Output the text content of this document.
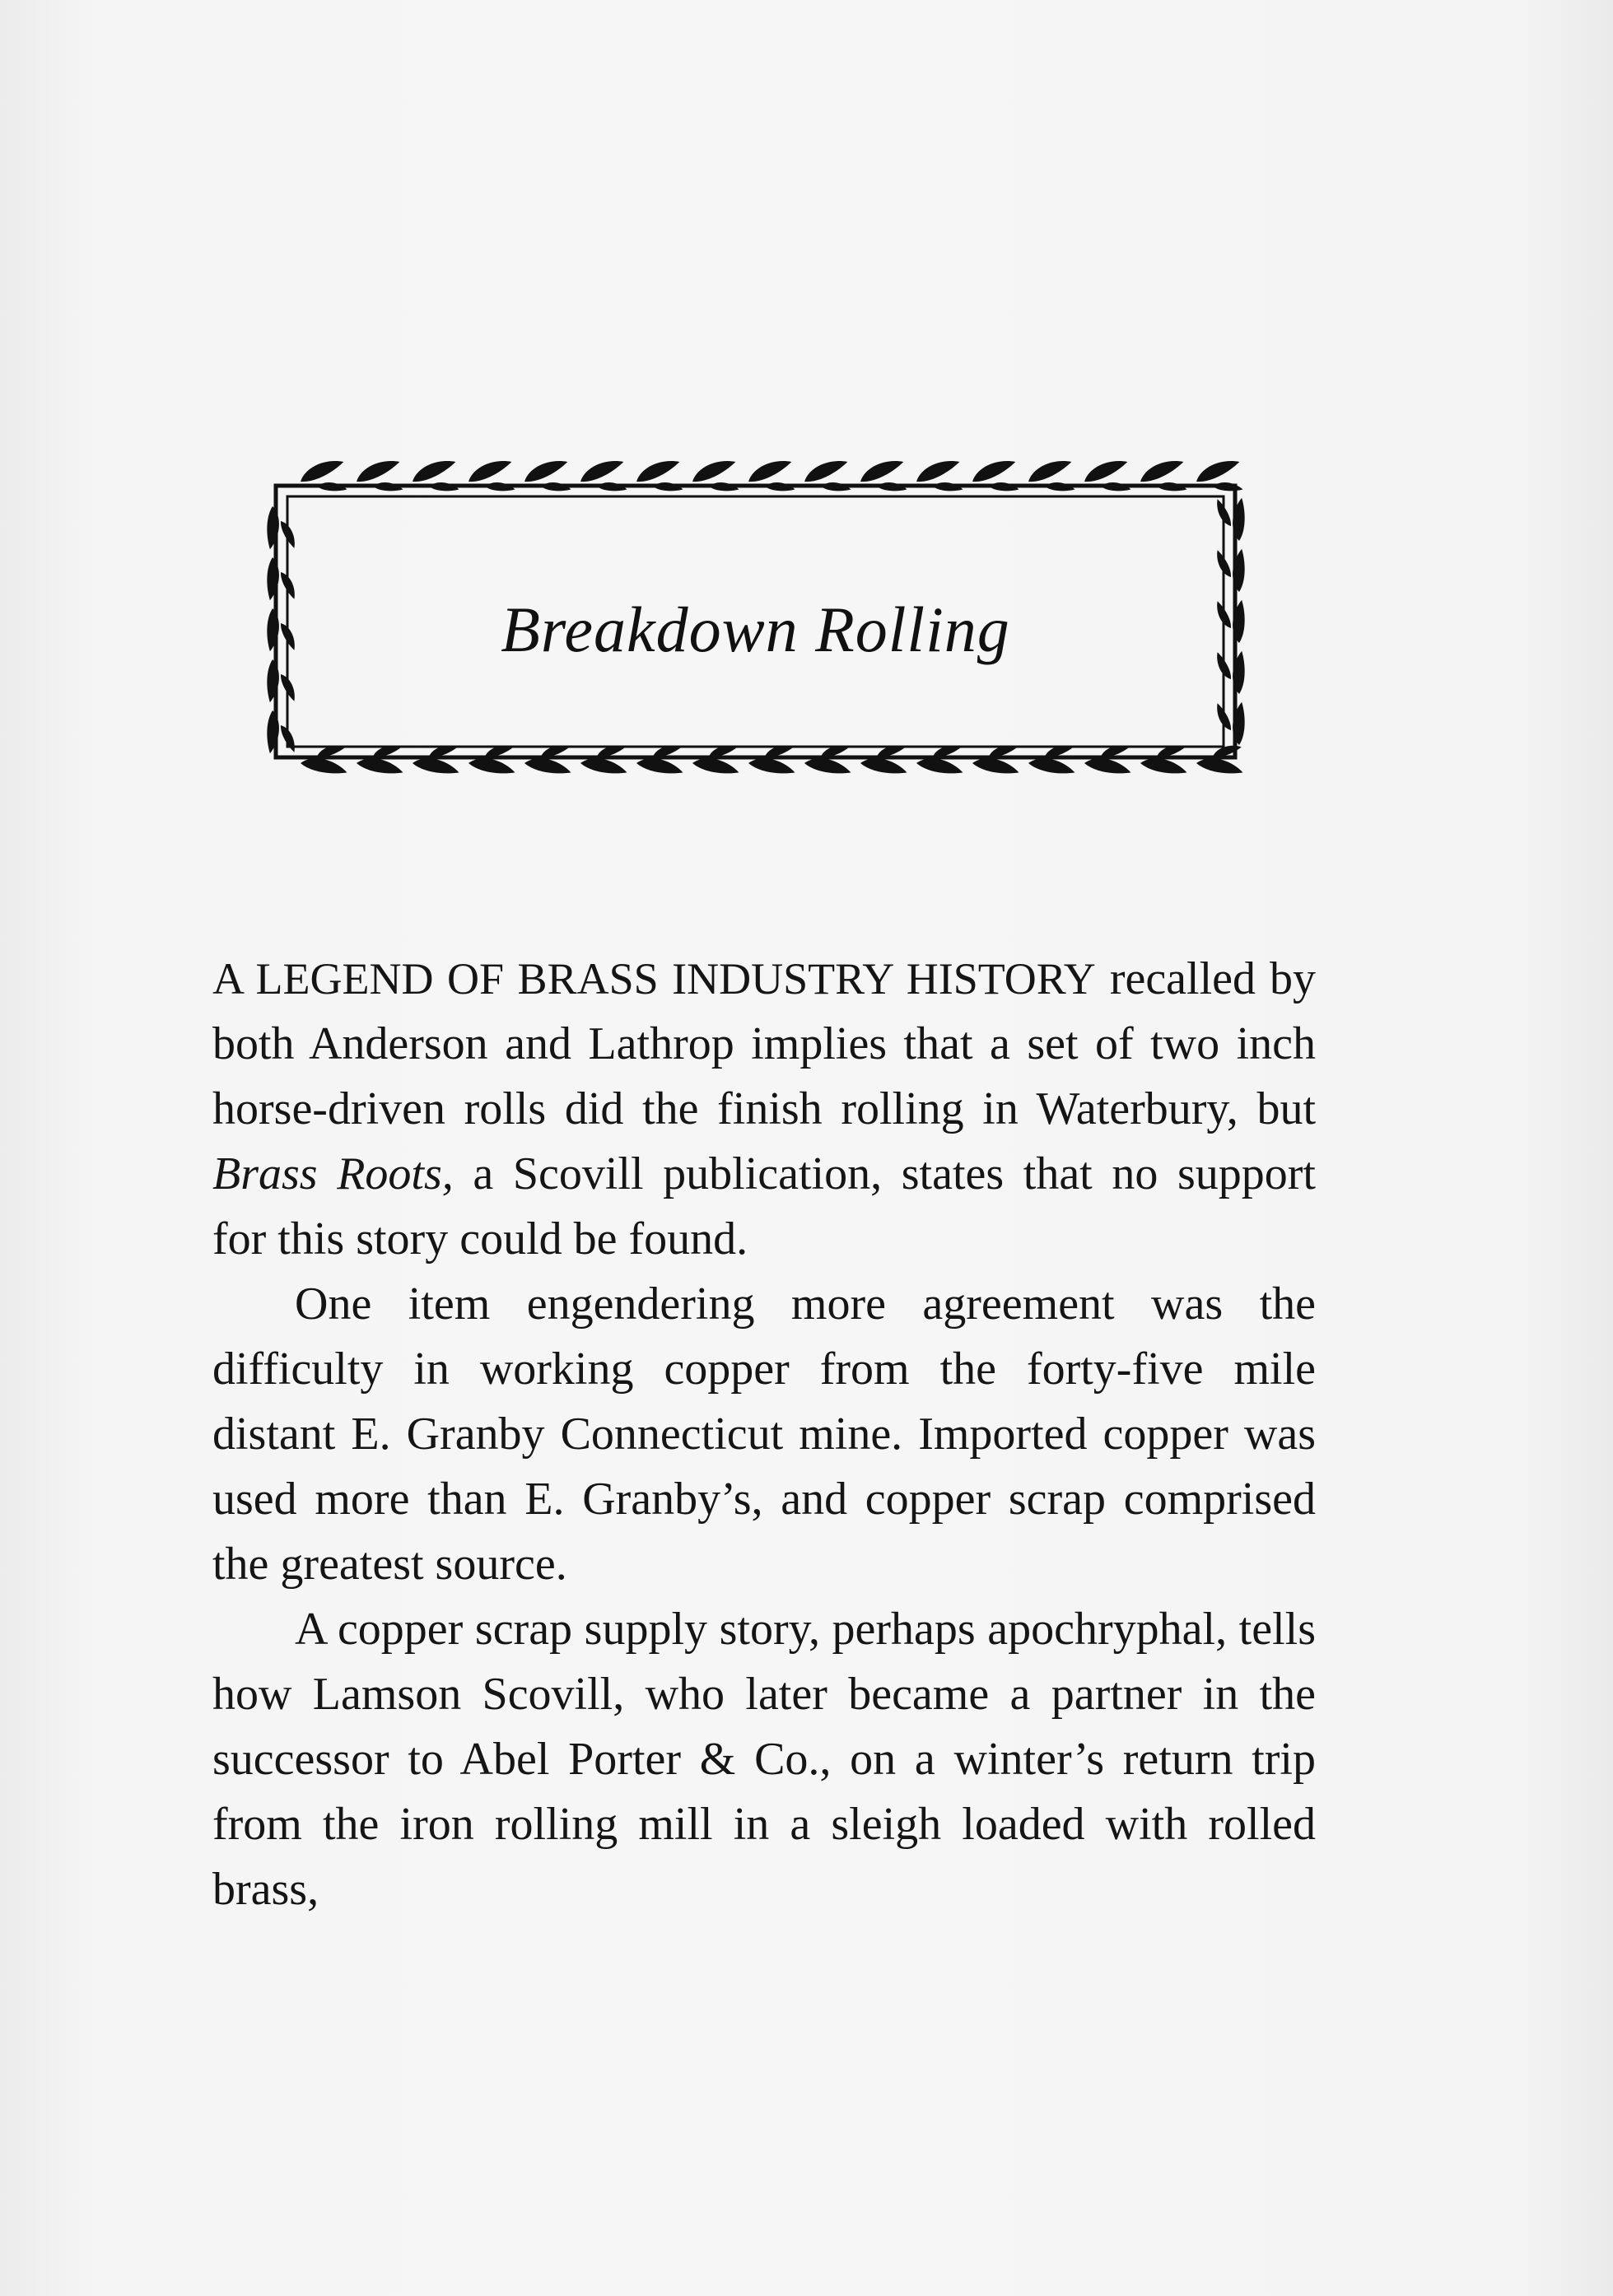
Breakdown Rolling

A LEGEND OF BRASS INDUSTRY HISTORY recalled by both Anderson and Lathrop implies that a set of two inch horse-driven rolls did the finish rolling in Waterbury, but Brass Roots, a Scovill publication, states that no support for this story could be found.

One item engendering more agreement was the difficulty in working copper from the forty-five mile distant E. Granby Connecticut mine. Imported copper was used more than E. Granby’s, and copper scrap comprised the greatest source.

A copper scrap supply story, perhaps apochryphal, tells how Lamson Scovill, who later became a partner in the successor to Abel Porter & Co., on a winter’s return trip from the iron rolling mill in a sleigh loaded with rolled brass,
